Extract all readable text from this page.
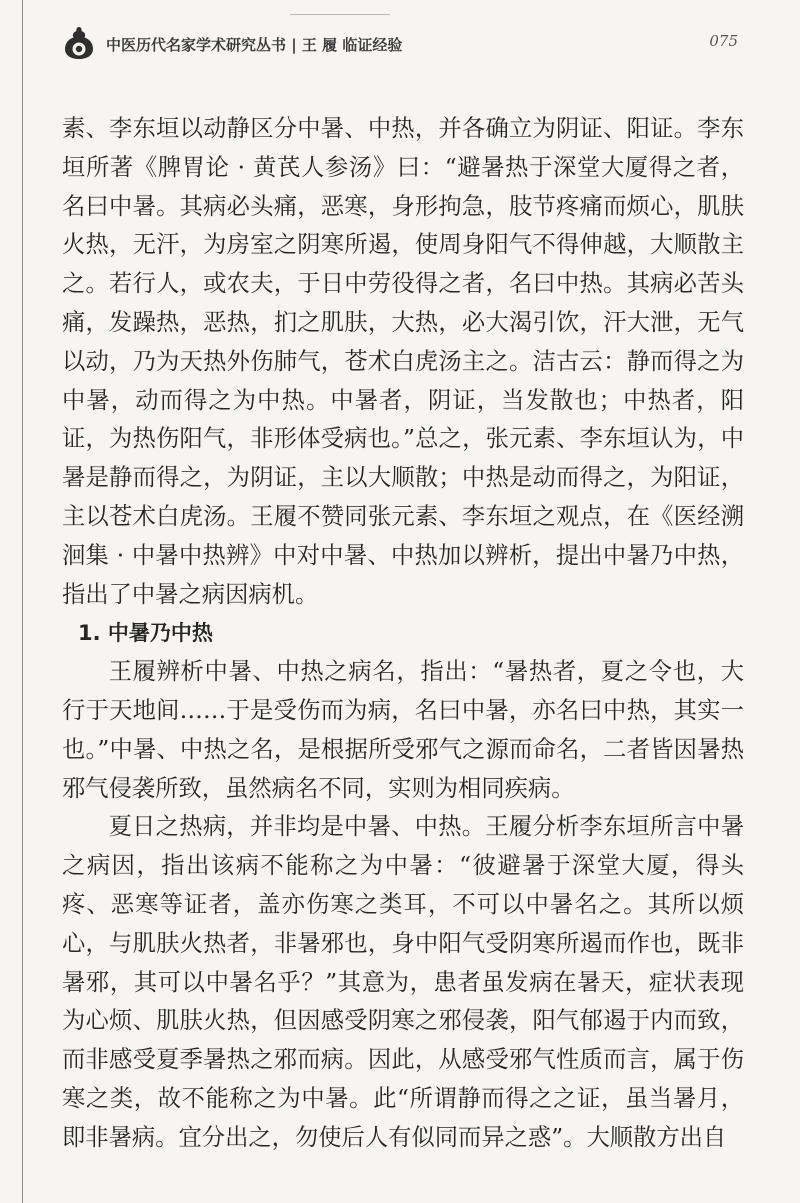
中医历代名家学术研究丛书 | 王 履 临证经验	075

素、李东垣以动静区分中暑、中热，并各确立为阴证、阳证。李东垣所著《脾胃论 · 黄芪人参汤》曰：“避暑热于深堂大厦得之者，名曰中暑。其病必头痛，恶寒，身形拘急，肢节疼痛而烦心，肌肤火热，无汗，为房室之阴寒所遏，使周身阳气不得伸越，大顺散主之。若行人，或农夫，于日中劳役得之者，名曰中热。其病必苦头痛，发躁热，恶热，扪之肌肤，大热，必大渴引饮，汗大泄，无气以动，乃为天热外伤肺气，苍术白虎汤主之。洁古云：静而得之为中暑，动而得之为中热。中暑者，阴证，当发散也；中热者，阳证，为热伤阳气，非形体受病也。”总之，张元素、李东垣认为，中暑是静而得之，为阴证，主以大顺散；中热是动而得之，为阳证，主以苍术白虎汤。王履不赞同张元素、李东垣之观点，在《医经溯洄集 · 中暑中热辨》中对中暑、中热加以辨析，提出中暑乃中热，指出了中暑之病因病机。

1. 中暑乃中热

王履辨析中暑、中热之病名，指出：“暑热者，夏之令也，大行于天地间……于是受伤而为病，名曰中暑，亦名曰中热，其实一也。”中暑、中热之名，是根据所受邪气之源而命名，二者皆因暑热邪气侵袭所致，虽然病名不同，实则为相同疾病。

夏日之热病，并非均是中暑、中热。王履分析李东垣所言中暑之病因，指出该病不能称之为中暑：“彼避暑于深堂大厦，得头疼、恶寒等证者，盖亦伤寒之类耳，不可以中暑名之。其所以烦心，与肌肤火热者，非暑邪也，身中阳气受阴寒所遏而作也，既非暑邪，其可以中暑名乎？”其意为，患者虽发病在暑天，症状表现为心烦、肌肤火热，但因感受阴寒之邪侵袭，阳气郁遏于内而致，而非感受夏季暑热之邪而病。因此，从感受邪气性质而言，属于伤寒之类，故不能称之为中暑。此“所谓静而得之之证，虽当暑月，即非暑病。宜分出之，勿使后人有似同而异之惑”。大顺散方出自
